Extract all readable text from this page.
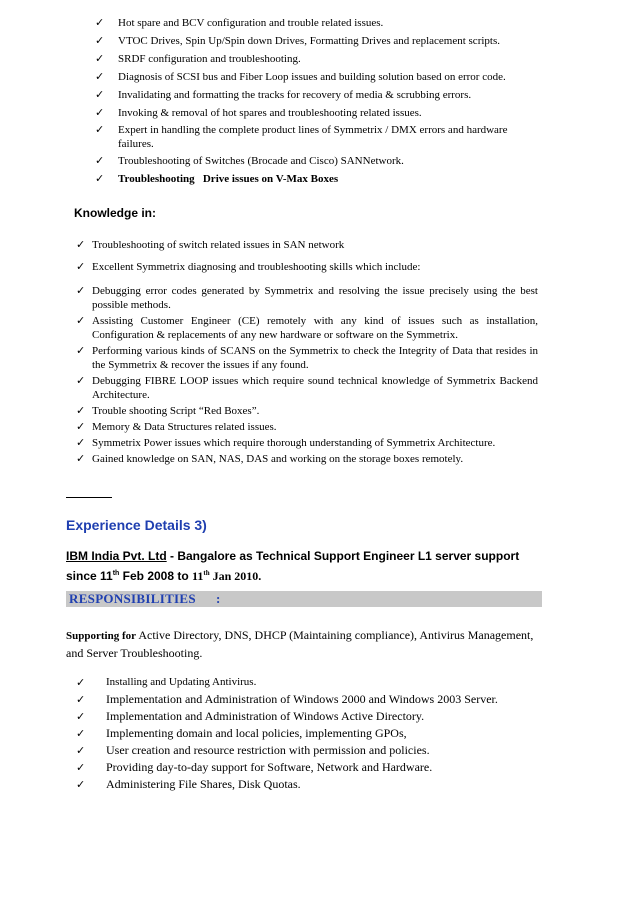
✓ Hot spare and BCV configuration and trouble related issues.
✓ VTOC Drives, Spin Up/Spin down Drives, Formatting Drives and replacement scripts.
✓ SRDF configuration and troubleshooting.
✓ Diagnosis of SCSI bus and Fiber Loop issues and building solution based on error code.
✓ Invalidating and formatting the tracks for recovery of media & scrubbing errors.
✓ Invoking & removal of hot spares and troubleshooting related issues.
✓ Expert in handling the complete product lines of Symmetrix / DMX errors and hardware failures.
✓ Troubleshooting of Switches (Brocade and Cisco) SANNetwork.
✓ Troubleshooting   Drive issues on V-Max Boxes
Knowledge in:
✓ Troubleshooting of switch related issues in SAN network
✓ Excellent Symmetrix diagnosing and troubleshooting skills which include:
✓ Debugging error codes generated by Symmetrix and resolving the issue precisely using the best possible methods.
✓ Assisting Customer Engineer (CE) remotely with any kind of issues such as installation, Configuration & replacements of any new hardware or software on the Symmetrix.
✓ Performing various kinds of SCANS on the Symmetrix to check the Integrity of Data that resides in the Symmetrix & recover the issues if any found.
✓ Debugging FIBRE LOOP issues which require sound technical knowledge of Symmetrix Backend Architecture.
✓ Trouble shooting Script “Red Boxes”.
✓ Memory & Data Structures related issues.
✓ Symmetrix Power issues which require thorough understanding of Symmetrix Architecture.
✓ Gained knowledge on SAN, NAS, DAS and working on the storage boxes remotely.
Experience Details 3)
IBM India Pvt. Ltd - Bangalore as Technical Support Engineer L1 server support
since 11th Feb 2008 to 11th Jan 2010.
RESPONSIBILITIES :
Supporting for Active Directory, DNS, DHCP (Maintaining compliance), Antivirus Management, and Server Troubleshooting.
✓ Installing and Updating Antivirus.
✓ Implementation and Administration of Windows 2000 and Windows 2003 Server.
✓ Implementation and Administration of Windows Active Directory.
✓ Implementing domain and local policies, implementing GPOs,
✓ User creation and resource restriction with permission and policies.
✓ Providing day-to-day support for Software, Network and Hardware.
✓ Administering File Shares, Disk Quotas.
